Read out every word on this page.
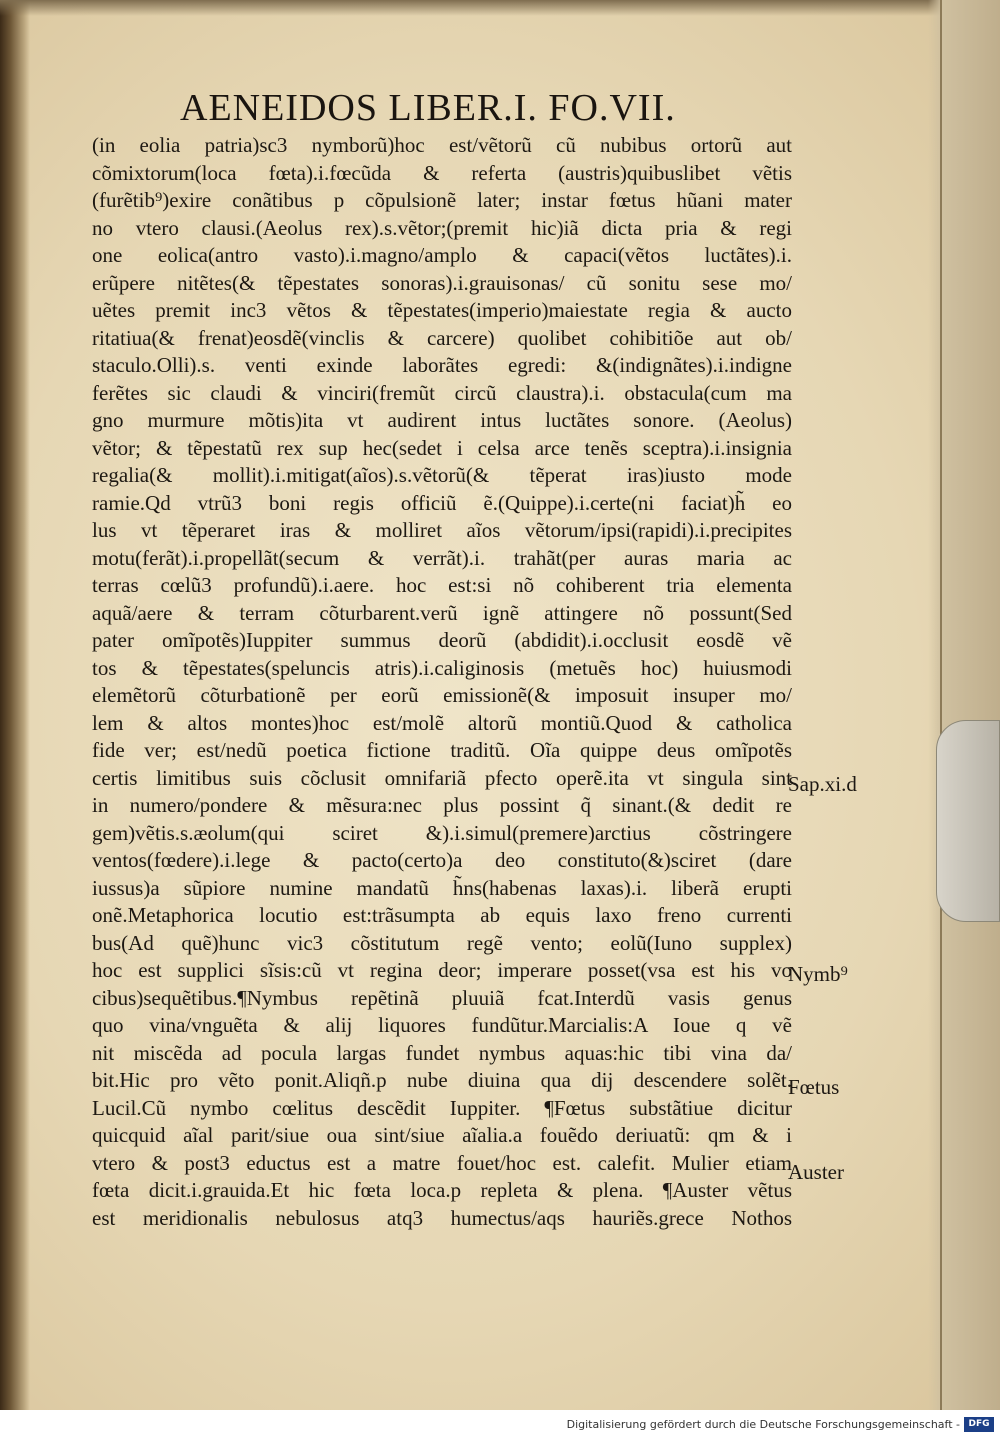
AENEIDOS LIBER.I. FO.VII.
(in eolia patria)sc3 nymborũ)hoc est/vẽtorũ cũ nubibus ortorũ aut
cõmixtorum(loca fœta).i.fœcũda & referta (austris)quibuslibet vẽtis
(furẽtib⁹)exire conãtibus p cõpulsionẽ later; instar fœtus hũani mater
no vtero clausi.(Aeolus rex).s.vẽtor;(premit hic)iã dicta pria & regi
one eolica(antro vasto).i.magno/amplo & capaci(vẽtos luctãtes).i.
erũpere nitẽtes(& tẽpestates sonoras).i.grauisonas/ cũ sonitu sese mo/
uẽtes premit inc3 vẽtos & tẽpestates(imperio)maiestate regia & aucto
ritatiua(& frenat)eosdẽ(vinclis & carcere) quolibet cohibitiõe aut ob/
staculo.Olli).s. venti exinde laborãtes egredi: &(indignãtes).i.indigne
ferẽtes sic claudi & vinciri(fremũt circũ claustra).i. obstacula(cum ma
gno murmure mõtis)ita vt audirent intus luctãtes sonore. (Aeolus)
vẽtor; & tẽpestatũ rex sup hec(sedet i celsa arce tenẽs sceptra).i.insignia
regalia(& mollit).i.mitigat(aĩos).s.vẽtorũ(& tẽperat iras)iusto mode
ramie.Qd vtrũ3 boni regis officiũ ẽ.(Quippe).i.certe(ni faciat)h̃ eo
lus vt tẽperaret iras & molliret aĩos vẽtorum/ipsi(rapidi).i.precipites
motu(ferãt).i.propellãt(secum & verrãt).i. trahãt(per auras maria ac
terras cœlũ3 profundũ).i.aere. hoc est:si nõ cohiberent tria elementa
aquã/aere & terram cõturbarent.verũ ignẽ attingere nõ possunt(Sed
pater omĩpotẽs)Iuppiter summus deorũ (abdidit).i.occlusit eosdẽ vẽ
tos & tẽpestates(speluncis atris).i.caliginosis (metuẽs hoc) huiusmodi
elemẽtorũ cõturbationẽ per eorũ emissionẽ(& imposuit insuper mo/
lem & altos montes)hoc est/molẽ altorũ montiũ.Quod & catholica
fide ver; est/nedũ poetica fictione traditũ. Oĩa quippe deus omĩpotẽs
certis limitibus suis cõclusit omnifariã pfecto operẽ.ita vt singula sint
in numero/pondere & mẽsura:nec plus possint q̃ sinant.(& dedit re
gem)vẽtis.s.æolum(qui sciret &).i.simul(premere)arctius cõstringere
ventos(fœdere).i.lege & pacto(certo)a deo constituto(&)sciret (dare
iussus)a sũpiore numine mandatũ h̃ns(habenas laxas).i. liberã erupti
onẽ.Metaphorica locutio est:trãsumpta ab equis laxo freno currenti
bus(Ad quẽ)hunc vic3 cõstitutum regẽ vento; eolũ(Iuno supplex)
hoc est supplici sĩsis:cũ vt regina deor; imperare posset(vsa est his vo
cibus)sequẽtibus.¶Nymbus repẽtinã pluuiã fcat.Interdũ vasis genus
quo vina/vnguẽta & alij liquores fundũtur.Marcialis:A Ioue q vẽ
nit miscẽda ad pocula largas fundet nymbus aquas:hic tibi vina da/
bit.Hic pro vẽto ponit.Aliqñ.p nube diuina qua dij descendere solẽt.
Lucil.Cũ nymbo cœlitus descẽdit Iuppiter. ¶Fœtus substãtiue dicitur
quicquid aĩal parit/siue oua sint/siue aĩalia.a fouẽdo deriuatũ: qm & i
vtero & post3 eductus est a matre fouet/hoc est. calefit. Mulier etiam
fœta dicit.i.grauida.Et hic fœta loca.p repleta & plena. ¶Auster vẽtus
est meridionalis nebulosus atq3 humectus/aqs hauriẽs.grece Nothos
Sap.xi.d
Nymb⁹
Fœtus
Auster
Digitalisierung gefördert durch die Deutsche Forschungsgemeinschaft - DFG
